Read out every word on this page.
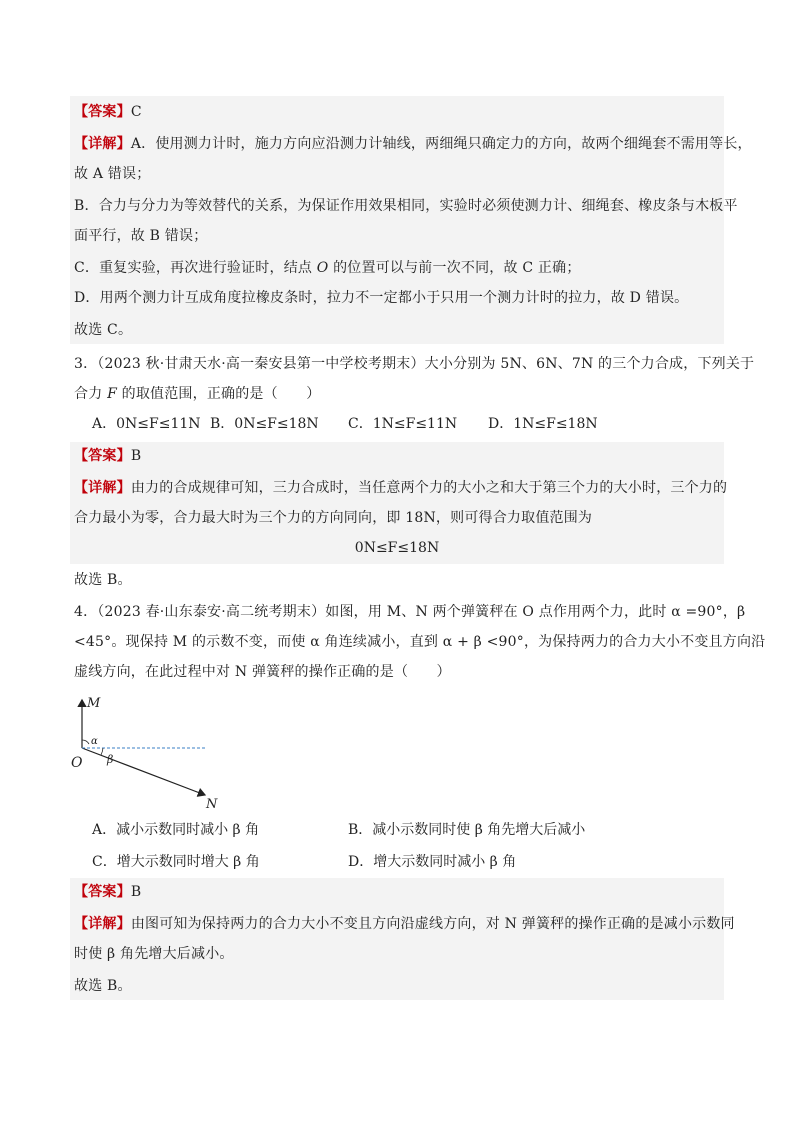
【答案】C
【详解】A．使用测力计时，施力方向应沿测力计轴线，两细绳只确定力的方向，故两个细绳套不需用等长，
故 A 错误；
B．合力与分力为等效替代的关系，为保证作用效果相同，实验时必须使测力计、细绳套、橡皮条与木板平
面平行，故 B 错误；
C．重复实验，再次进行验证时，结点 O 的位置可以与前一次不同，故 C 正确；
D．用两个测力计互成角度拉橡皮条时，拉力不一定都小于只用一个测力计时的拉力，故 D 错误。
故选 C。
3．（2023 秋·甘肃天水·高一秦安县第一中学校考期末）大小分别为 5N、6N、7N 的三个力合成，下列关于
合力 F 的取值范围，正确的是（　　）
A．0N≤F≤11N B．0N≤F≤18N C．1N≤F≤11N D．1N≤F≤18N
【答案】B
【详解】由力的合成规律可知，三力合成时，当任意两个力的大小之和大于第三个力的大小时，三个力的
合力最小为零，合力最大时为三个力的方向同向，即 18N，则可得合力取值范围为
0N≤F≤18N
故选 B。
4．（2023 春·山东泰安·高二统考期末）如图，用 M、N 两个弹簧秤在 O 点作用两个力，此时 α =90°，β
<45°。现保持 M 的示数不变，而使 α 角连续减小，直到 α + β <90°，为保持两力的合力大小不变且方向沿
虚线方向，在此过程中对 N 弹簧秤的操作正确的是（　　）
M
α
β
O
N
A．减小示数同时减小 β 角	B．减小示数同时使 β 角先增大后减小
C．增大示数同时增大 β 角	D．增大示数同时减小 β 角
【答案】B
【详解】由图可知为保持两力的合力大小不变且方向沿虚线方向，对 N 弹簧秤的操作正确的是减小示数同
时使 β 角先增大后减小。
故选 B。
